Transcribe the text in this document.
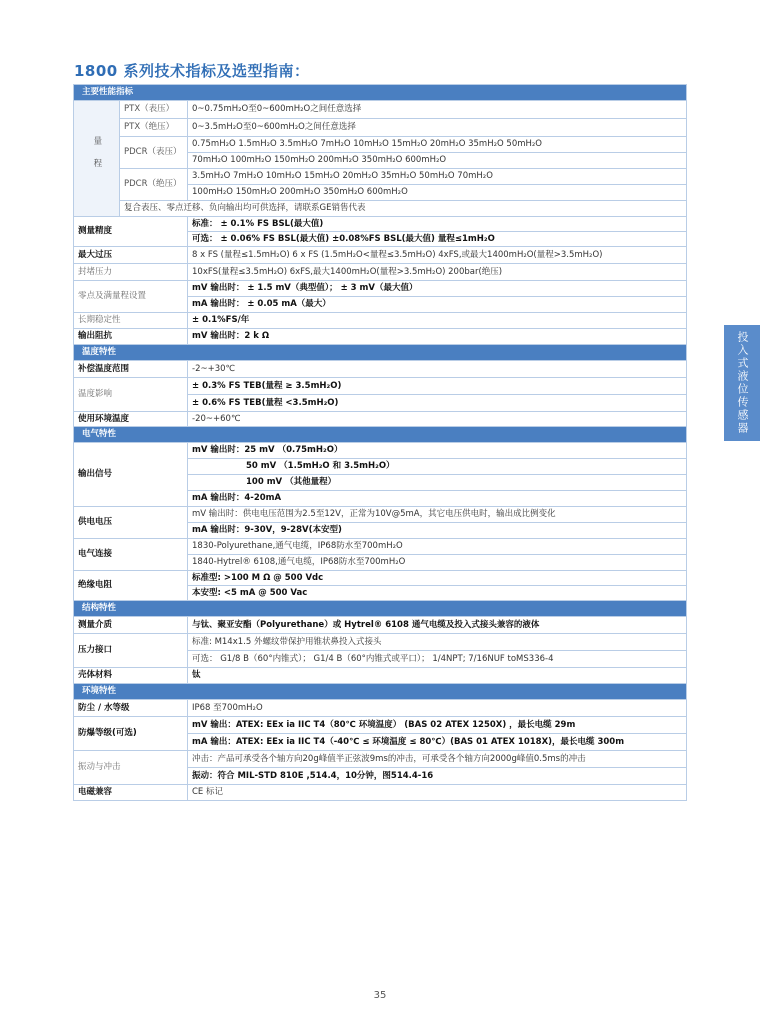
1800 系列技术指标及选型指南：
主要性能指标		

量程	PTX（表压）	0~0.75mH₂O至0~600mH₂O之间任意选择
	PTX（绝压）	0~3.5mH₂O至0~600mH₂O之间任意选择
	PDCR（表压）	0.75mH₂O 1.5mH₂O 3.5mH₂O 7mH₂O 10mH₂O 15mH₂O 20mH₂O 35mH₂O 50mH₂O
		70mH₂O 100mH₂O 150mH₂O 200mH₂O 350mH₂O 600mH₂O
	PDCR（绝压）	3.5mH₂O 7mH₂O 10mH₂O 15mH₂O 20mH₂O 35mH₂O 50mH₂O 70mH₂O
		100mH₂O 150mH₂O 200mH₂O 350mH₂O 600mH₂O
	复合表压、零点迁移、负向输出均可供选择，请联系GE销售代表	
测量精度		标准： ± 0.1% FS BSL(最大值)
		可选： ± 0.06% FS BSL(最大值) ±0.08%FS BSL(最大值) 量程≤1mH₂O
最大过压		8 x FS (量程≤1.5mH₂O) 6 x FS (1.5mH₂O<量程≤3.5mH₂O) 4xFS,或最大1400mH₂O(量程>3.5mH₂O)
封堵压力		10xFS(量程≤3.5mH₂O) 6xFS,最大1400mH₂O(量程>3.5mH₂O) 200bar(绝压)
零点及满量程设置		mV 输出时： ± 1.5 mV（典型值）； ± 3 mV（最大值）
		mA 输出时： ± 0.05 mA（最大）
长期稳定性		± 0.1%FS/年
输出阻抗		mV 输出时：2 k Ω
温度特性		
补偿温度范围		-2~+30℃
温度影响		± 0.3% FS TEB(量程 ≥ 3.5mH₂O)
		± 0.6% FS TEB(量程 <3.5mH₂O)
使用环境温度		-20~+60℃
电气特性		
输出信号		mV 输出时：25 mV （0.75mH₂O）
		50 mV （1.5mH₂O 和 3.5mH₂O）
		100 mV （其他量程）
		mA 输出时：4-20mA
供电电压		mV 输出时：供电电压范围为2.5至12V，正常为10V@5mA，其它电压供电时，输出成比例变化
		mA 输出时：9-30V，9-28V(本安型)
电气连接		1830-Polyurethane,通气电缆，IP68防水至700mH₂O
		1840-Hytrel® 6108,通气电缆，IP68防水至700mH₂O
绝缘电阻		标准型: >100 M Ω @ 500 Vdc
		本安型: <5 mA @ 500 Vac
结构特性		
测量介质		与钛、聚亚安酯（Polyurethane）或 Hytrel® 6108 通气电缆及投入式接头兼容的液体
压力接口		标准: M14x1.5 外螺纹带保护用锥状鼻投入式接头
		可选： G1/8 B（60°内锥式）； G1/4 B（60°内锥式或平口）； 1/4NPT; 7/16NUF toMS336-4
壳体材料		钛
环境特性		
防尘 / 水等级		IP68 至700mH₂O
防爆等级(可选)		mV 输出：ATEX: EEx ia IIC T4（80℃ 环境温度） (BAS 02 ATEX 1250X) ，最长电缆 29m
		mA 输出：ATEX: EEx ia IIC T4（-40℃ ≤ 环境温度 ≤ 80℃）(BAS 01 ATEX 1018X)，最长电缆 300m
振动与冲击		冲击：产品可承受各个轴方向20g峰值半正弦波9ms的冲击，可承受各个轴方向2000g峰值0.5ms的冲击
		振动：符合 MIL-STD 810E ,514.4，10分钟，图514.4-16
电磁兼容		CE 标记
投入式液位传感器
35
